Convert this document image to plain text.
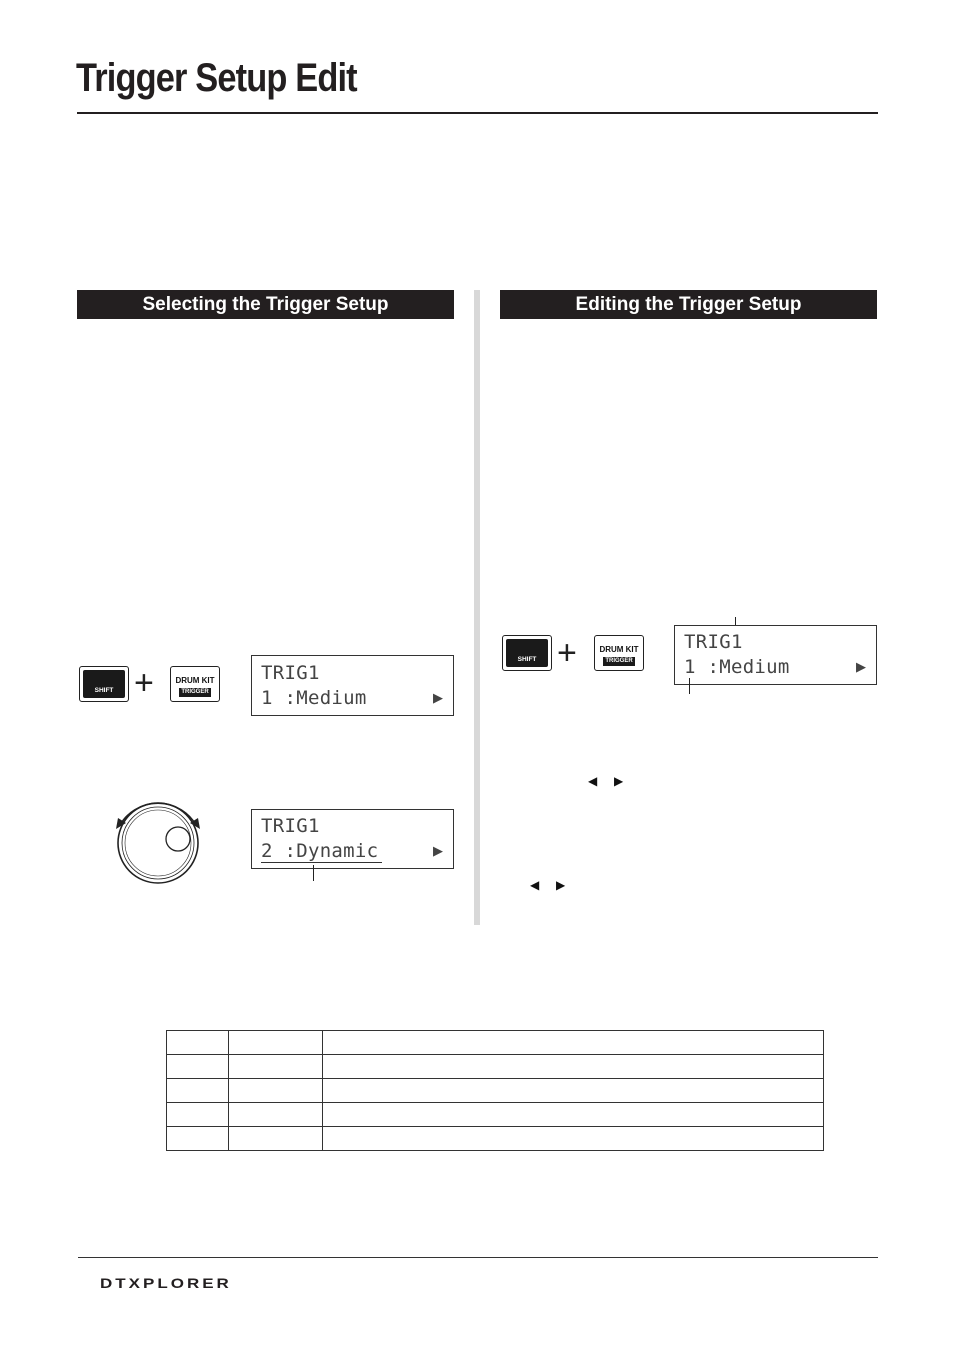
Trigger Setup Edit
Selecting the Trigger Setup
SHIFT +	DRUM KIT
TRIGGER
TRIG1
1 :Medium	▶
TRIG1
2 :Dynamic	▶
Editing the Trigger Setup
SHIFT +	DRUM KIT
TRIGGER
TRIG1
1 :Medium	▶
◀ ▶
◀ ▶

DTXPLORER
